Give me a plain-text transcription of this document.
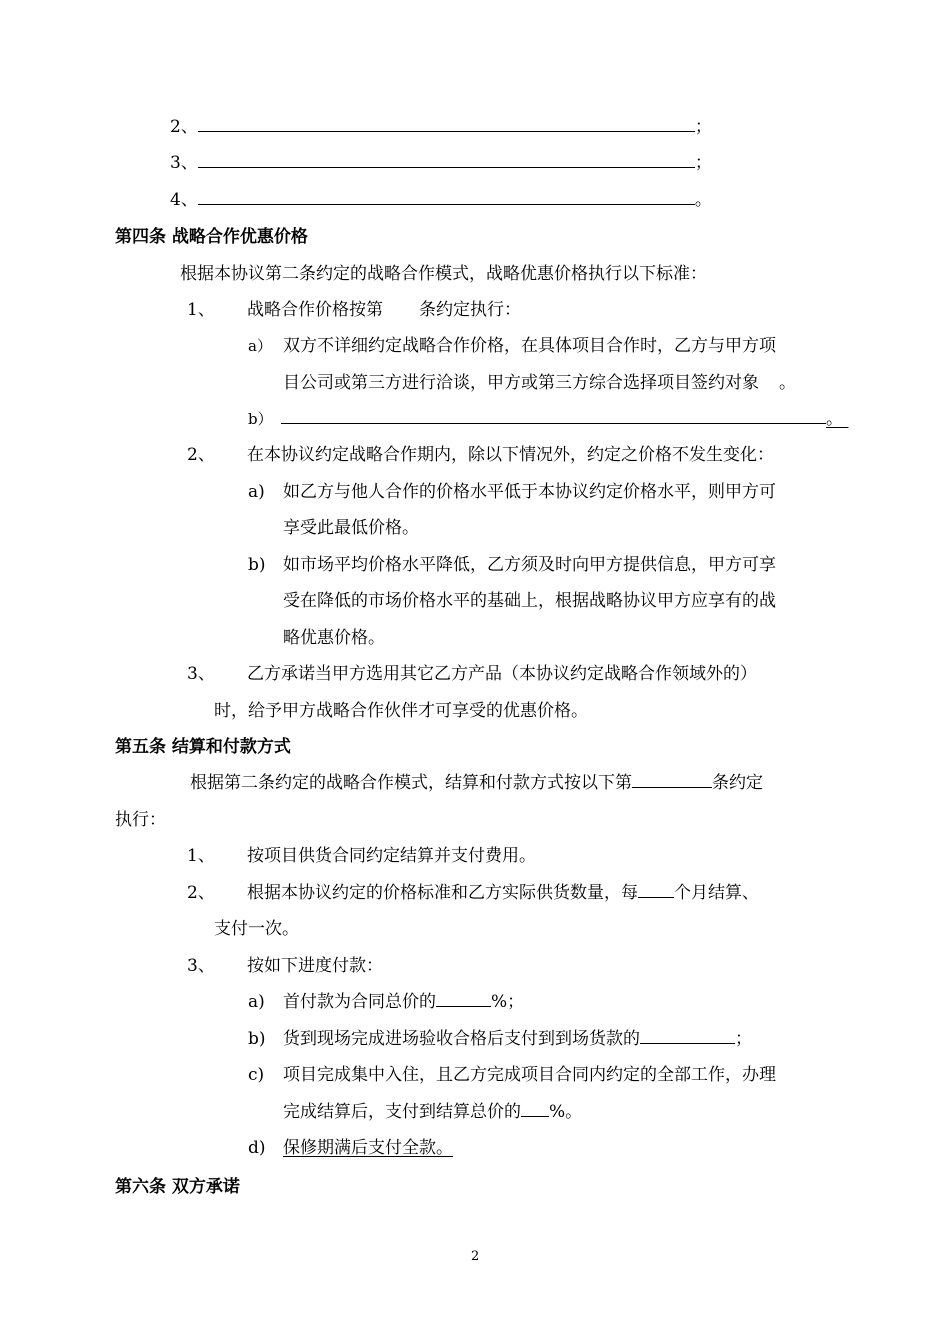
2、	；
3、	；
4、	。
第四条 战略合作优惠价格
根据本协议第二条约定的战略合作模式，战略优惠价格执行以下标准：
1、 战略合作价格按第 条约定执行：
a） 双方不详细约定战略合作价格，在具体项目合作时，乙方与甲方项
目公司或第三方进行洽谈，甲方或第三方综合选择项目签约对象 。
b）	。
2、 在本协议约定战略合作期内，除以下情况外，约定之价格不发生变化：
a) 如乙方与他人合作的价格水平低于本协议约定价格水平，则甲方可
享受此最低价格。
b) 如市场平均价格水平降低，乙方须及时向甲方提供信息，甲方可享
受在降低的市场价格水平的基础上，根据战略协议甲方应享有的战
略优惠价格。
3、 乙方承诺当甲方选用其它乙方产品（本协议约定战略合作领域外的）
时，给予甲方战略合作伙伴才可享受的优惠价格。
第五条 结算和付款方式
根据第二条约定的战略合作模式，结算和付款方式按以下第	条约定
执行：
1、 按项目供货合同约定结算并支付费用。
2、 根据本协议约定的价格标准和乙方实际供货数量，每 个月结算、
支付一次。
3、 按如下进度付款：
a) 首付款为合同总价的	%；
b) 货到现场完成进场验收合格后支付到到场货款的	；
c) 项目完成集中入住，且乙方完成项目合同内约定的全部工作，办理
完成结算后，支付到结算总价的 %。
d) 保修期满后支付全款。
第六条 双方承诺
2
